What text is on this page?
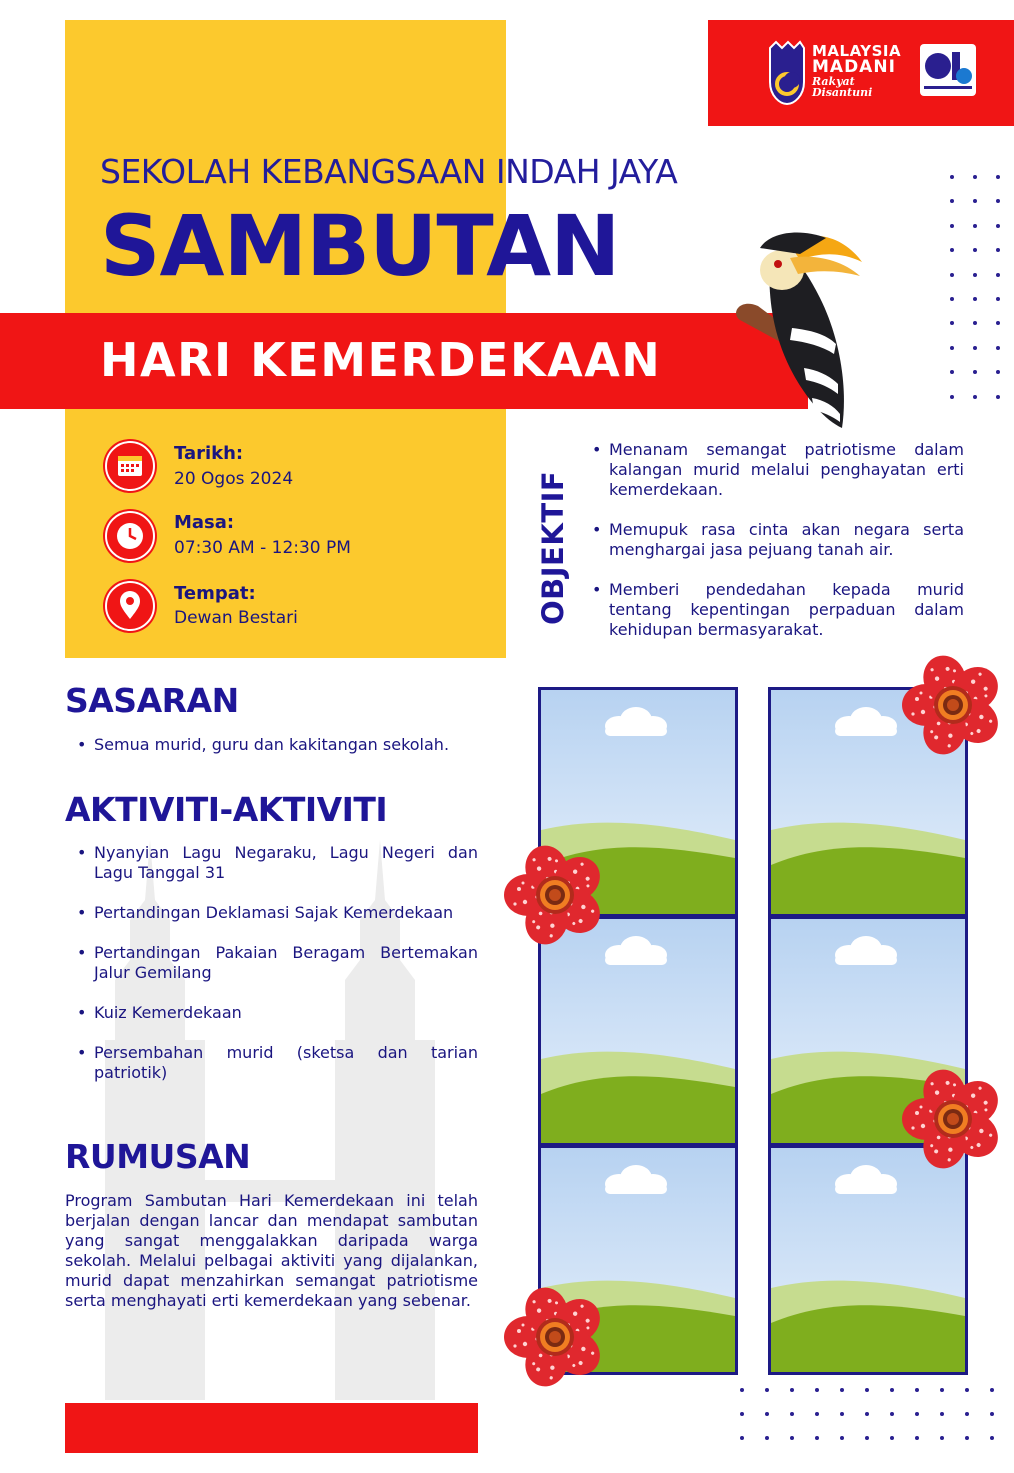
MALAYSIA
MADANI
Rakyat Disantuni
SEKOLAH KEBANGSAAN INDAH JAYA
SAMBUTAN
HARI KEMERDEKAAN
Tarikh:
20 Ogos 2024
Masa:
07:30 AM - 12:30 PM
Tempat:
Dewan Bestari	OBJEKTIF
• Menanam semangat patriotisme dalam kalangan murid melalui penghayatan erti kemerdekaan.
• Memupuk rasa cinta akan negara serta menghargai jasa pejuang tanah air.
• Memberi pendedahan kepada murid tentang kepentingan perpaduan dalam kehidupan bermasyarakat.
SASARAN
• Semua murid, guru dan kakitangan sekolah.
AKTIVITI-AKTIVITI
• Nyanyian Lagu Negaraku, Lagu Negeri dan Lagu Tanggal 31
• Pertandingan Deklamasi Sajak Kemerdekaan
• Pertandingan Pakaian Beragam Bertemakan Jalur Gemilang
• Kuiz Kemerdekaan
• Persembahan murid (sketsa dan tarian patriotik)
RUMUSAN
Program Sambutan Hari Kemerdekaan ini telah berjalan dengan lancar dan mendapat sambutan yang sangat menggalakkan daripada warga sekolah. Melalui pelbagai aktiviti yang dijalankan, murid dapat menzahirkan semangat patriotisme serta menghayati erti kemerdekaan yang sebenar.
